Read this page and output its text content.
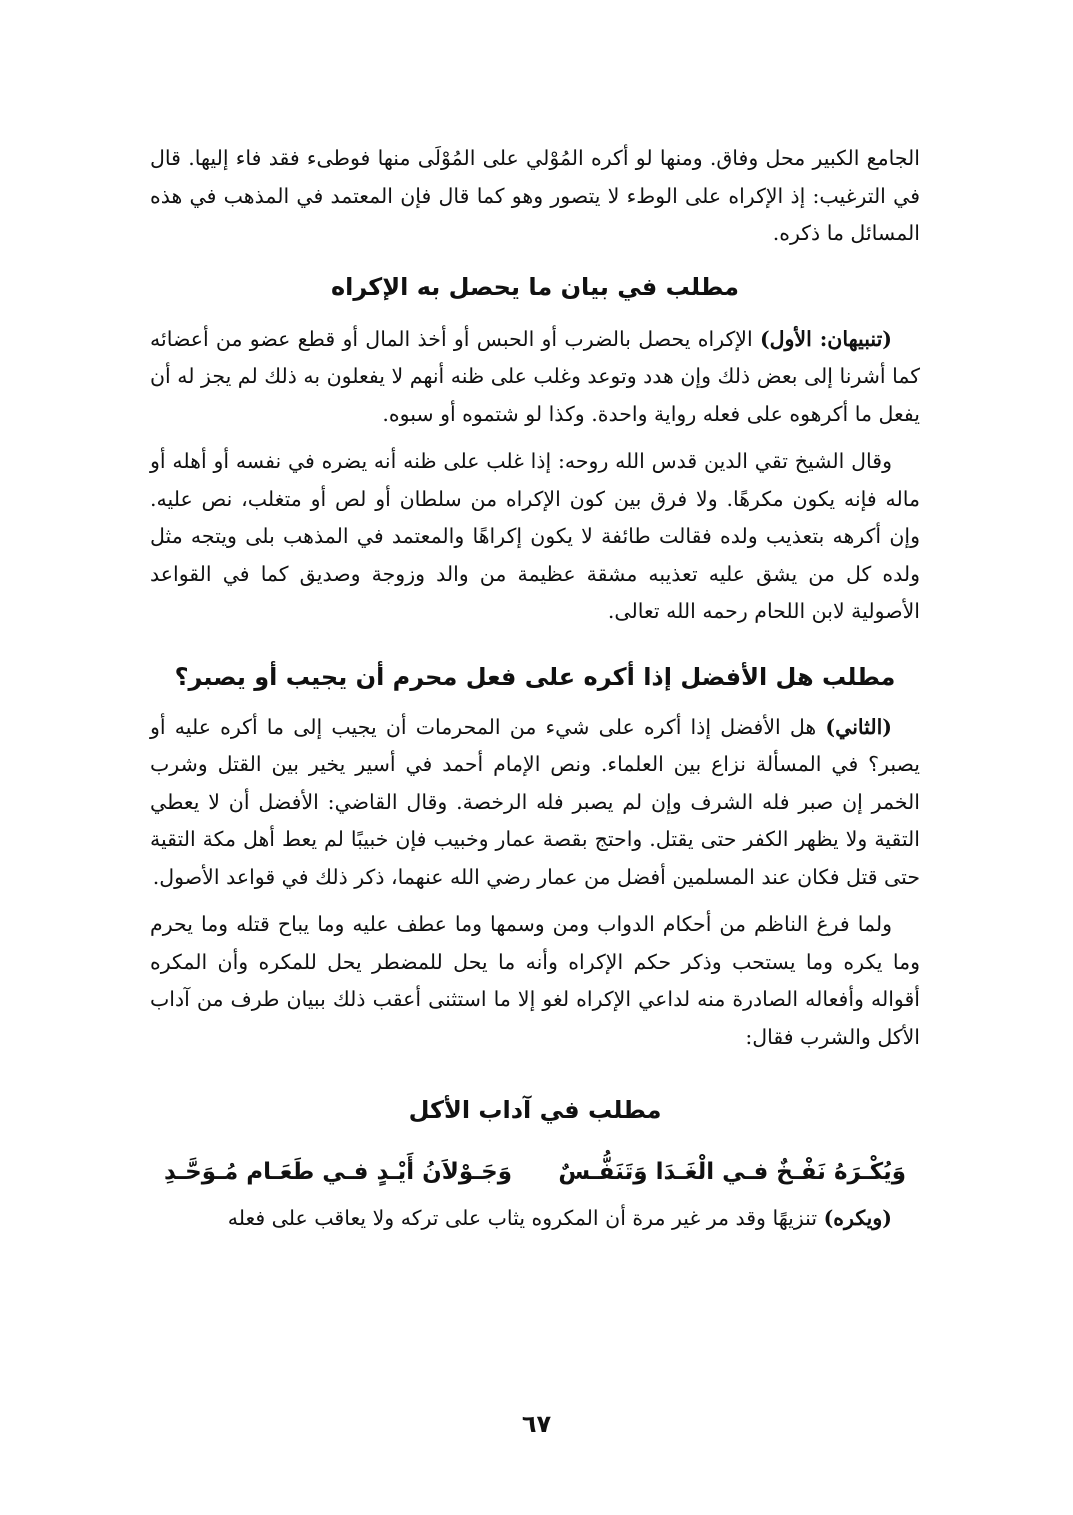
الجامع الكبير محل وفاق. ومنها لو أكره المُوْلي على المُوْلَى منها فوطىء فقد فاء إليها. قال في الترغيب: إذ الإكراه على الوطء لا يتصور وهو كما قال فإن المعتمد في المذهب في هذه المسائل ما ذكره.

مطلب في بيان ما يحصل به الإكراه

(تنبيهان: الأول) الإكراه يحصل بالضرب أو الحبس أو أخذ المال أو قطع عضو من أعضائه كما أشرنا إلى بعض ذلك وإن هدد وتوعد وغلب على ظنه أنهم لا يفعلون به ذلك لم يجز له أن يفعل ما أكرهوه على فعله رواية واحدة. وكذا لو شتموه أو سبوه.

وقال الشيخ تقي الدين قدس الله روحه: إذا غلب على ظنه أنه يضره في نفسه أو أهله أو ماله فإنه يكون مكرهًا. ولا فرق بين كون الإكراه من سلطان أو لص أو متغلب، نص عليه. وإن أكرهه بتعذيب ولده فقالت طائفة لا يكون إكراهًا والمعتمد في المذهب بلى ويتجه مثل ولده كل من يشق عليه تعذيبه مشقة عظيمة من والد وزوجة وصديق كما في القواعد الأصولية لابن اللحام رحمه الله تعالى.

مطلب هل الأفضل إذا أكره على فعل محرم أن يجيب أو يصبر؟

(الثاني) هل الأفضل إذا أكره على شيء من المحرمات أن يجيب إلى ما أكره عليه أو يصبر؟ في المسألة نزاع بين العلماء. ونص الإمام أحمد في أسير يخير بين القتل وشرب الخمر إن صبر فله الشرف وإن لم يصبر فله الرخصة. وقال القاضي: الأفضل أن لا يعطي التقية ولا يظهر الكفر حتى يقتل. واحتج بقصة عمار وخبيب فإن خبيبًا لم يعط أهل مكة التقية حتى قتل فكان عند المسلمين أفضل من عمار رضي الله عنهما، ذكر ذلك في قواعد الأصول.

ولما فرغ الناظم من أحكام الدواب ومن وسمها وما عطف عليه وما يباح قتله وما يحرم وما يكره وما يستحب وذكر حكم الإكراه وأنه ما يحل للمضطر يحل للمكره وأن المكره أقواله وأفعاله الصادرة منه لداعي الإكراه لغو إلا ما استثنى أعقب ذلك ببيان طرف من آداب الأكل والشرب فقال:

مطلب في آداب الأكل
وَيُكْـرَهُ نَفْـخٌ فـي الْغَـدَا وَتَنَفُّـسٌ
وَجَـوْلاَنُ أَيْـدٍ فـي طَعَـام مُـوَحَّـدِ

(ويكره) تنزيهًا وقد مر غير مرة أن المكروه يثاب على تركه ولا يعاقب على فعله

٦٧
